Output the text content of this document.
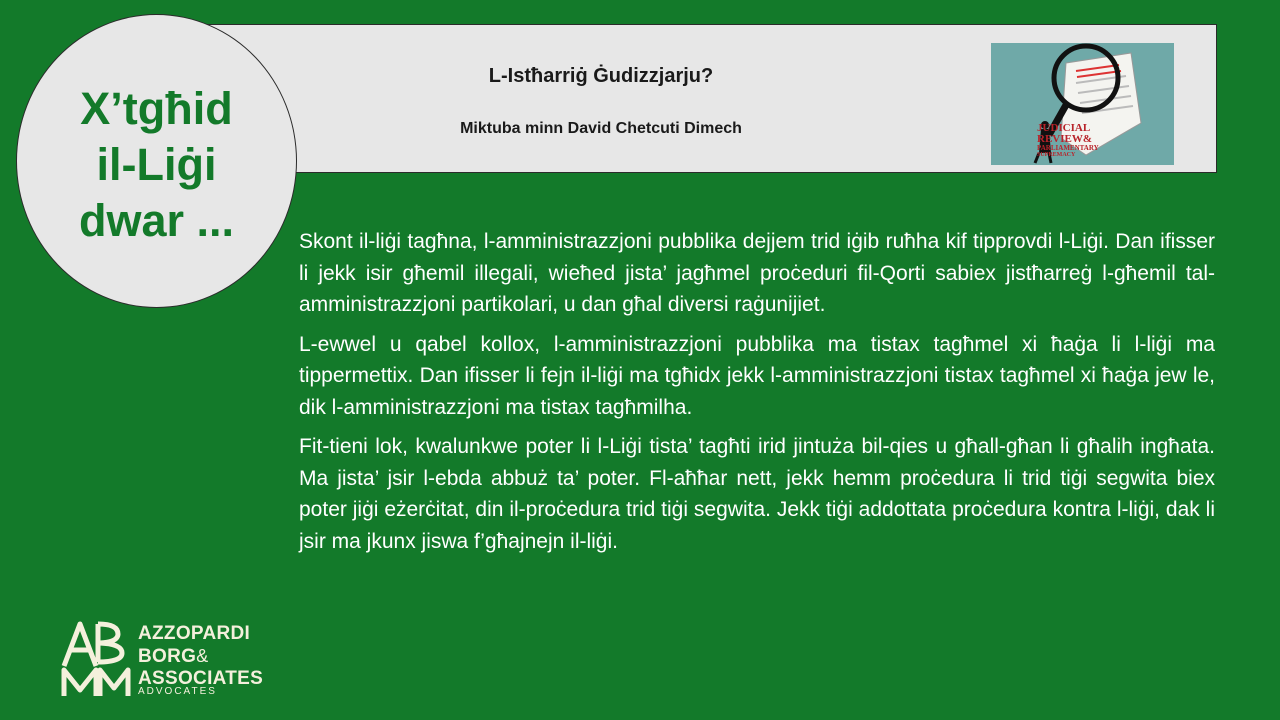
L-Istħarriġ Ġudizzjarju?
Miktuba minn David Chetcuti Dimech	JUDICIAL
REVIEW&
PARLIAMENTARY
SUPREMACY
X’tgħid
il-Liġi
dwar ...	Skont il-liġi tagħna, l-amministrazzjoni pubblika dejjem trid iġib ruħha kif tipprovdi l-Liġi. Dan ifisser li jekk isir għemil illegali, wieħed jista’ jagħmel proċeduri fil-Qorti sabiex jistħarreġ l-għemil tal-amministrazzjoni partikolari, u dan għal diversi raġunijiet.

L-ewwel u qabel kollox, l-amministrazzjoni pubblika ma tistax tagħmel xi ħaġa li l-liġi ma tippermettix. Dan ifisser li fejn il-liġi ma tgħidx jekk l-amministrazzjoni tistax tagħmel xi ħaġa jew le, dik l-amministrazzjoni ma tistax tagħmilha.

Fit-tieni lok, kwalunkwe poter li l-Liġi tista’ tagħti irid jintuża bil-qies u għall-għan li għalih ingħata. Ma jista’ jsir l-ebda abbuż ta’ poter. Fl-aħħar nett, jekk hemm proċedura li trid tiġi segwita biex poter jiġi eżerċitat, din il-proċedura trid tiġi segwita. Jekk tiġi addottata proċedura kontra l-liġi, dak li jsir ma jkunx jiswa f’għajnejn il-liġi.

AZZOPARDI
BORG&
ASSOCIATES
ADVOCATES
